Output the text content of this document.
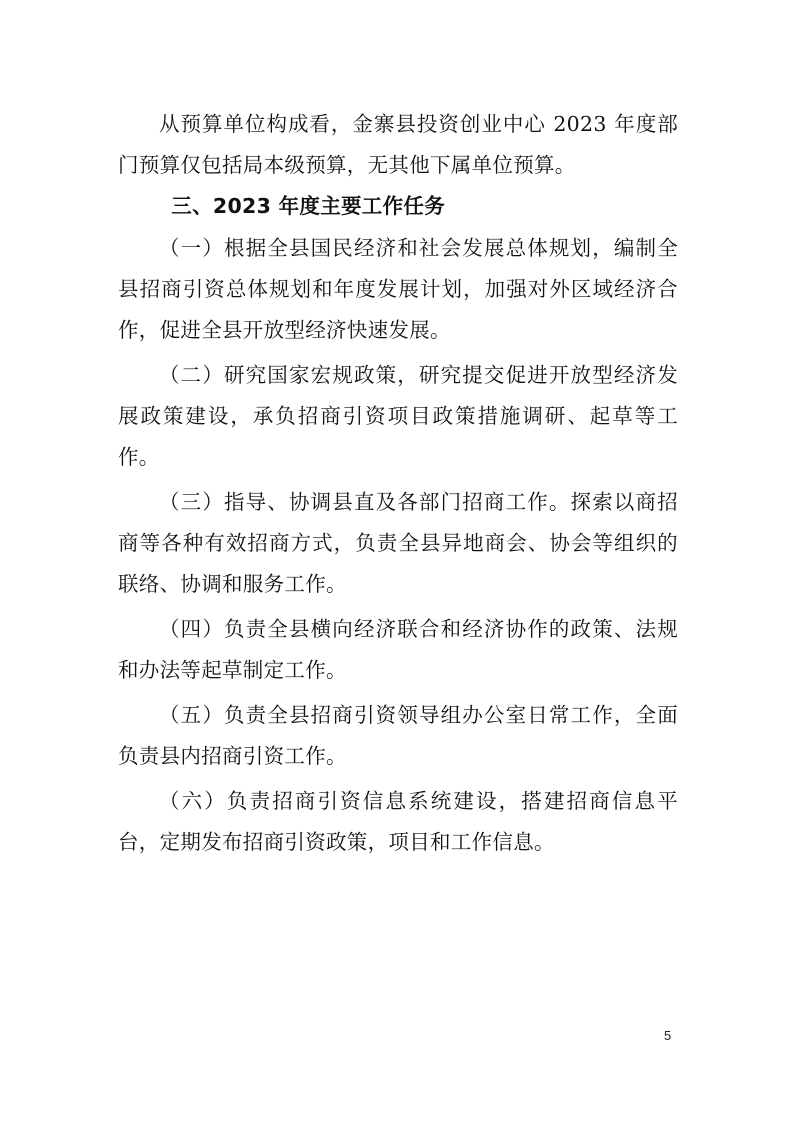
从预算单位构成看，金寨县投资创业中心 2023 年度部门预算仅包括局本级预算，无其他下属单位预算。

三、2023 年度主要工作任务

（一）根据全县国民经济和社会发展总体规划，编制全县招商引资总体规划和年度发展计划，加强对外区域经济合作，促进全县开放型经济快速发展。

（二）研究国家宏规政策，研究提交促进开放型经济发展政策建设，承负招商引资项目政策措施调研、起草等工作。

（三）指导、协调县直及各部门招商工作。探索以商招商等各种有效招商方式，负责全县异地商会、协会等组织的联络、协调和服务工作。

（四）负责全县横向经济联合和经济协作的政策、法规和办法等起草制定工作。

（五）负责全县招商引资领导组办公室日常工作，全面负责县内招商引资工作。

（六）负责招商引资信息系统建设，搭建招商信息平台，定期发布招商引资政策，项目和工作信息。

5
